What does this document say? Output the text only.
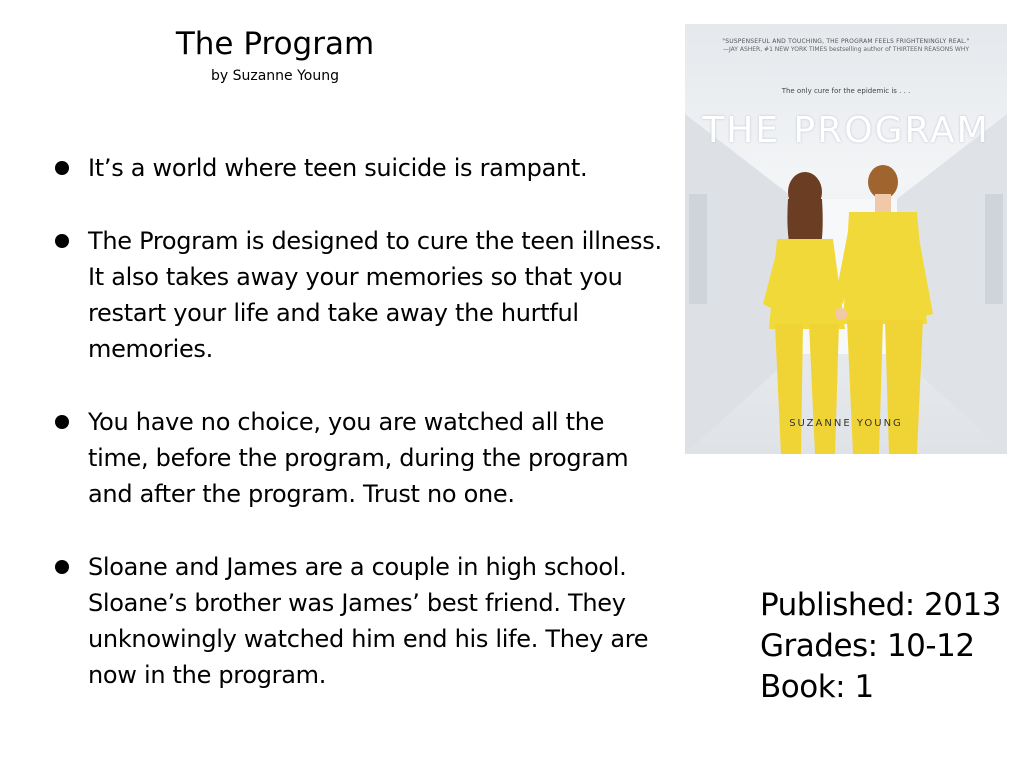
The Program
by Suzanne Young
It’s a world where teen suicide is rampant.
The Program is designed to cure the teen illness. It also takes away your memories so that you restart your life and take away the hurtful memories.
You have no choice, you are watched all the time, before the program, during the program and after the program. Trust no one.
Sloane and James are a couple in high school. Sloane’s brother was James’ best friend. They unknowingly watched him end his life. They are now in the program.
"SUSPENSEFUL AND TOUCHING, THE PROGRAM FEELS FRIGHTENINGLY REAL."
—JAY ASHER, #1 NEW YORK TIMES bestselling author of THIRTEEN REASONS WHY
The only cure for the epidemic is . . .
THE PROGRAM
SUZANNE YOUNG
Published: 2013
Grades: 10-12
Book: 1
